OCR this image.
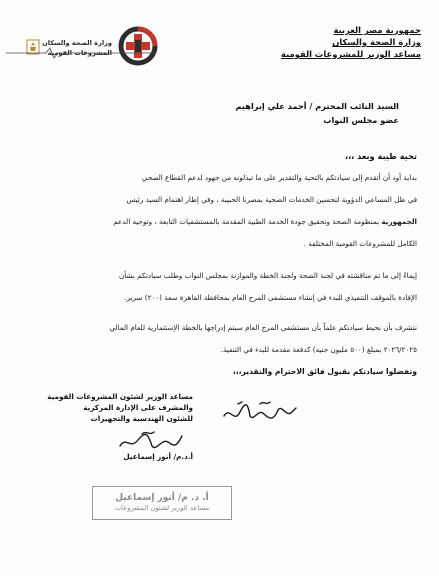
جمهورية مصر العربية
وزارة الصحة والسكان
مساعد الوزير للمشروعات القومية
وزارة الصحة والسكان
المشروعات القومية
السيد النائب المحترم / أحمد علي إبراهيم
عضو مجلس النواب
تحية طيبة وبعد ،،،
بداية أود أن أتقدم إلى سيادتكم بالتحية والتقدير على ما تبذلونه من جهود لدعم القطاع الصحي
في ظل المساعي الدؤوبة لتحسين الخدمات الصحية بمصرنا الحبيبة ، وفي إطار اهتمام السيد رئيس
الجمهورية بمنظومة الصحة وتحقيق جودة الخدمة الطبية المقدمة بالمستشفيات التابعة ، وتوجيه الدعم
الكامل للمشروعات القومية المختلفة .
إيماءً إلى ما تم مناقشته في لجنة الصحة ولجنة الخطة والموازنة بمجلس النواب وطلب سيادتكم بشأن
الإفادة بالموقف التنفيذي للبدء في إنشاء مستشفى المرج العام بمحافظة القاهرة سعة (٢٠٠) سرير.
نتشرف بأن نحيط سيادتكم علماً بأن مستشفى المرج العام سيتم إدراجها بالخطة الإستثمارية للعام المالي
٢٠٢٦/٢٠٢٥ بمبلغ (٥٠٠ مليون جنيه) كدفعة مقدمة للبدء في التنفيذ.
وتفضلوا سيادتكم بقبول فائق الاحترام والتقدير،،،
مساعد الوزير لشئون المشروعات القومية
والمشرف على الإدارة المركزية
للشئون الهندسية والتجهيزات
أ.د.م/ أنور إسماعيل
أ. د. م/ أنور إسماعيل
مساعد الوزير لشئون المشروعات
